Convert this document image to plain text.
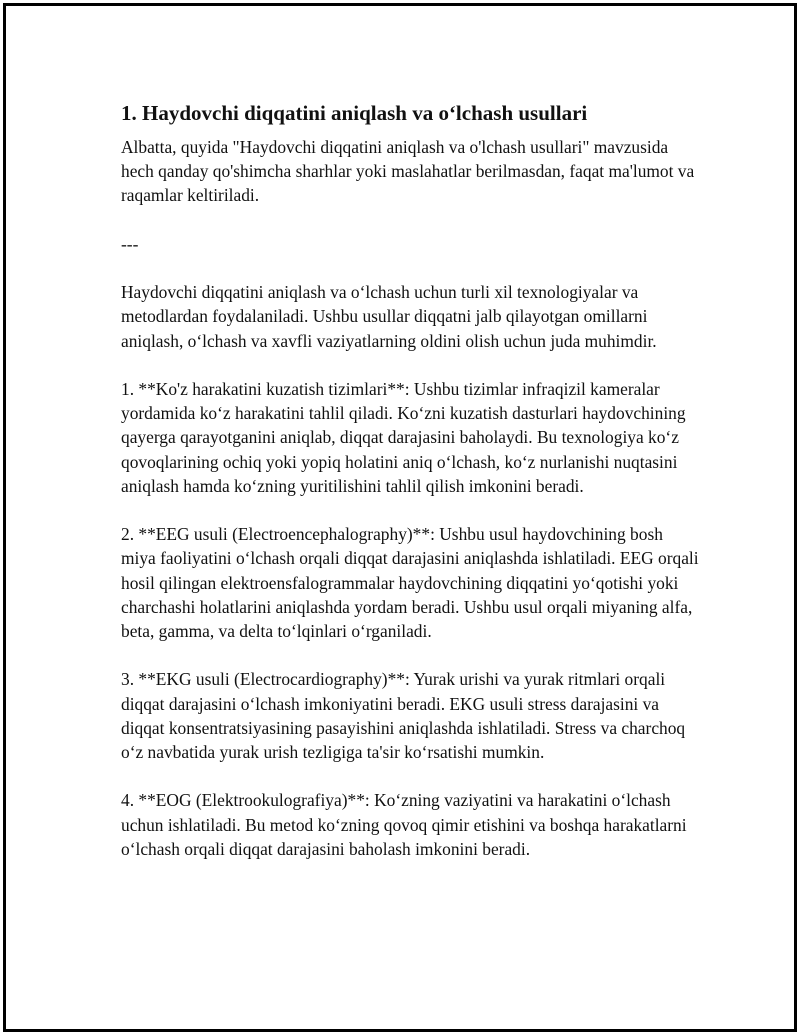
1. Haydovchi diqqatini aniqlash va o‘lchash usullari

Albatta, quyida "Haydovchi diqqatini aniqlash va o'lchash usullari" mavzusida hech qanday qo'shimcha sharhlar yoki maslahatlar berilmasdan, faqat ma'lumot va raqamlar keltiriladi.

---

Haydovchi diqqatini aniqlash va o‘lchash uchun turli xil texnologiyalar va metodlardan foydalaniladi. Ushbu usullar diqqatni jalb qilayotgan omillarni aniqlash, o‘lchash va xavfli vaziyatlarning oldini olish uchun juda muhimdir.

1. **Ko'z harakatini kuzatish tizimlari**: Ushbu tizimlar infraqizil kameralar yordamida ko‘z harakatini tahlil qiladi. Ko‘zni kuzatish dasturlari haydovchining qayerga qarayotganini aniqlab, diqqat darajasini baholaydi. Bu texnologiya ko‘z qovoqlarining ochiq yoki yopiq holatini aniq o‘lchash, ko‘z nurlanishi nuqtasini aniqlash hamda ko‘zning yuritilishini tahlil qilish imkonini beradi.

2. **EEG usuli (Electroencephalography)**: Ushbu usul haydovchining bosh miya faoliyatini o‘lchash orqali diqqat darajasini aniqlashda ishlatiladi. EEG orqali hosil qilingan elektroensfalogrammalar haydovchining diqqatini yo‘qotishi yoki charchashi holatlarini aniqlashda yordam beradi. Ushbu usul orqali miyaning alfa, beta, gamma, va delta to‘lqinlari o‘rganiladi.

3. **EKG usuli (Electrocardiography)**: Yurak urishi va yurak ritmlari orqali diqqat darajasini o‘lchash imkoniyatini beradi. EKG usuli stress darajasini va diqqat konsentratsiyasining pasayishini aniqlashda ishlatiladi. Stress va charchoq o‘z navbatida yurak urish tezligiga ta'sir ko‘rsatishi mumkin.

4. **EOG (Elektrookulografiya)**: Ko‘zning vaziyatini va harakatini o‘lchash uchun ishlatiladi. Bu metod ko‘zning qovoq qimir etishini va boshqa harakatlarni o‘lchash orqali diqqat darajasini baholash imkonini beradi.
